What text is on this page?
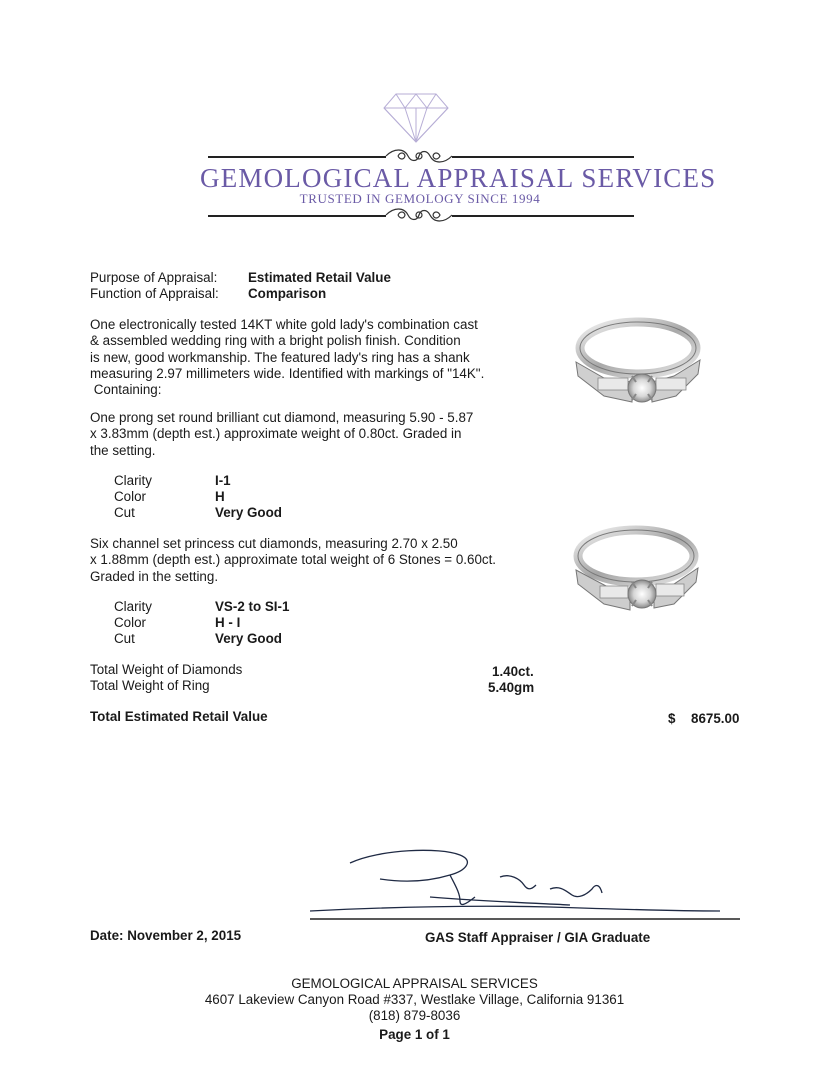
GEMOLOGICAL APPRAISAL SERVICES
TRUSTED IN GEMOLOGY SINCE 1994
Purpose of Appraisal: Estimated Retail Value
Function of Appraisal: Comparison
One electronically tested 14KT white gold lady's combination cast
& assembled wedding ring with a bright polish finish. Condition
is new, good workmanship. The featured lady's ring has a shank
measuring 2.97 millimeters wide. Identified with markings of "14K".
Containing:
One prong set round brilliant cut diamond, measuring 5.90 - 5.87
x 3.83mm (depth est.) approximate weight of 0.80ct. Graded in
the setting.
Clarity	I-1
Color	H
Cut	Very Good
Six channel set princess cut diamonds, measuring 2.70 x 2.50
x 1.88mm (depth est.) approximate total weight of 6 Stones = 0.60ct.
Graded in the setting.
Clarity	VS-2 to SI-1
Color	H - I
Cut	Very Good
Total Weight of Diamonds	1.40ct.
Total Weight of Ring	5.40gm
Total Estimated Retail Value	$ 8675.00
Date: November 2, 2015	GAS Staff Appraiser / GIA Graduate
GEMOLOGICAL APPRAISAL SERVICES
4607 Lakeview Canyon Road #337, Westlake Village, California 91361
(818) 879-8036
Page 1 of 1
